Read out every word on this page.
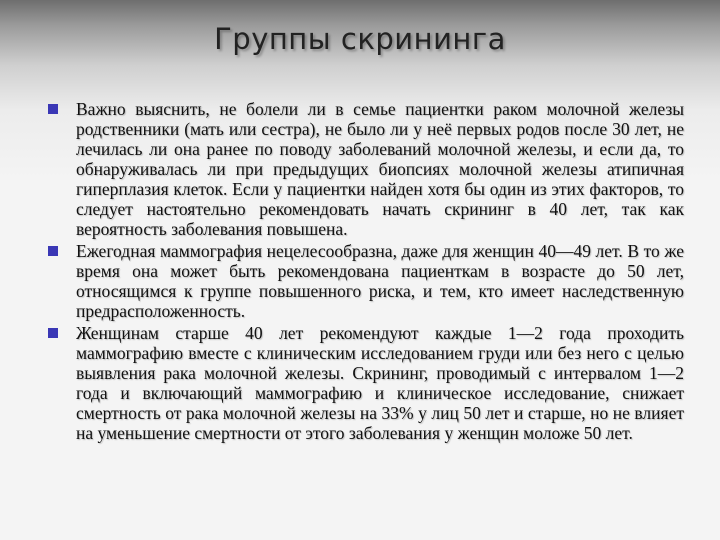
Группы скрининга
Важно выяснить, не болели ли в семье пациентки раком молочной железы родственники (мать или сестра), не было ли у неё первых родов после 30 лет, не лечилась ли она ранее по поводу заболеваний молочной железы, и если да, то обнаруживалась ли при предыдущих биопсиях молочной железы атипичная гиперплазия клеток. Если у пациентки найден хотя бы один из этих факторов, то следует настоятельно рекомендовать начать скрининг в 40 лет, так как вероятность заболевания повышена.
Ежегодная маммография нецелесообразна, даже для женщин 40—49 лет. В то же время она может быть рекомендована пациенткам в возрасте до 50 лет, относящимся к группе повышенного риска, и тем, кто имеет наследственную предрасположенность.
Женщинам старше 40 лет рекомендуют каждые 1—2 года проходить маммографию вместе с клиническим исследованием груди или без него с целью выявления рака молочной железы. Скрининг, проводимый с интервалом 1—2 года и включающий маммографию и клиническое исследование, снижает смертность от рака молочной железы на 33% у лиц 50 лет и старше, но не влияет на уменьшение смертности от этого заболевания у женщин моложе 50 лет.
